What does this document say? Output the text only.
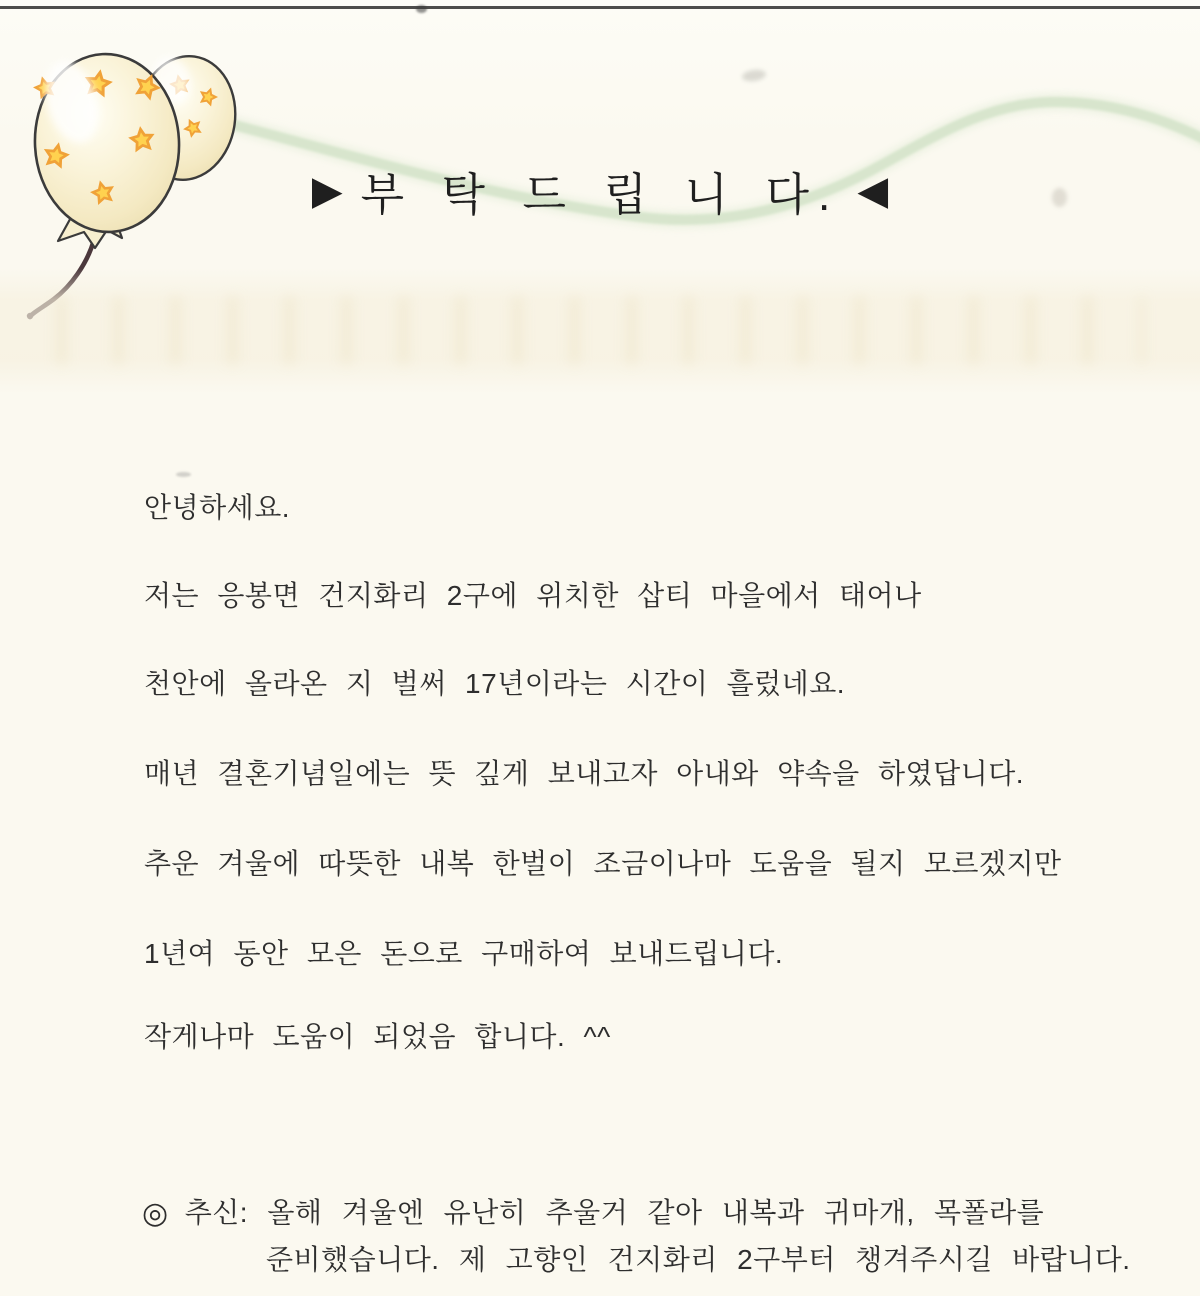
▶ 부 탁 드 립 니 다. ◀

안녕하세요.

저는 응봉면 건지화리 2구에 위치한 삽티 마을에서 태어나

천안에 올라온 지 벌써 17년이라는 시간이 흘렀네요.

매년 결혼기념일에는 뜻 깊게 보내고자 아내와 약속을 하였답니다.

추운 겨울에 따뜻한 내복 한벌이 조금이나마 도움을 될지 모르겠지만

1년여 동안 모은 돈으로 구매하여 보내드립니다.

작게나마 도움이 되었음 합니다. ^^

◎ 추신: 올해 겨울엔 유난히 추울거 같아 내복과 귀마개, 목폴라를
준비했습니다. 제 고향인 건지화리 2구부터 챙겨주시길 바랍니다.
